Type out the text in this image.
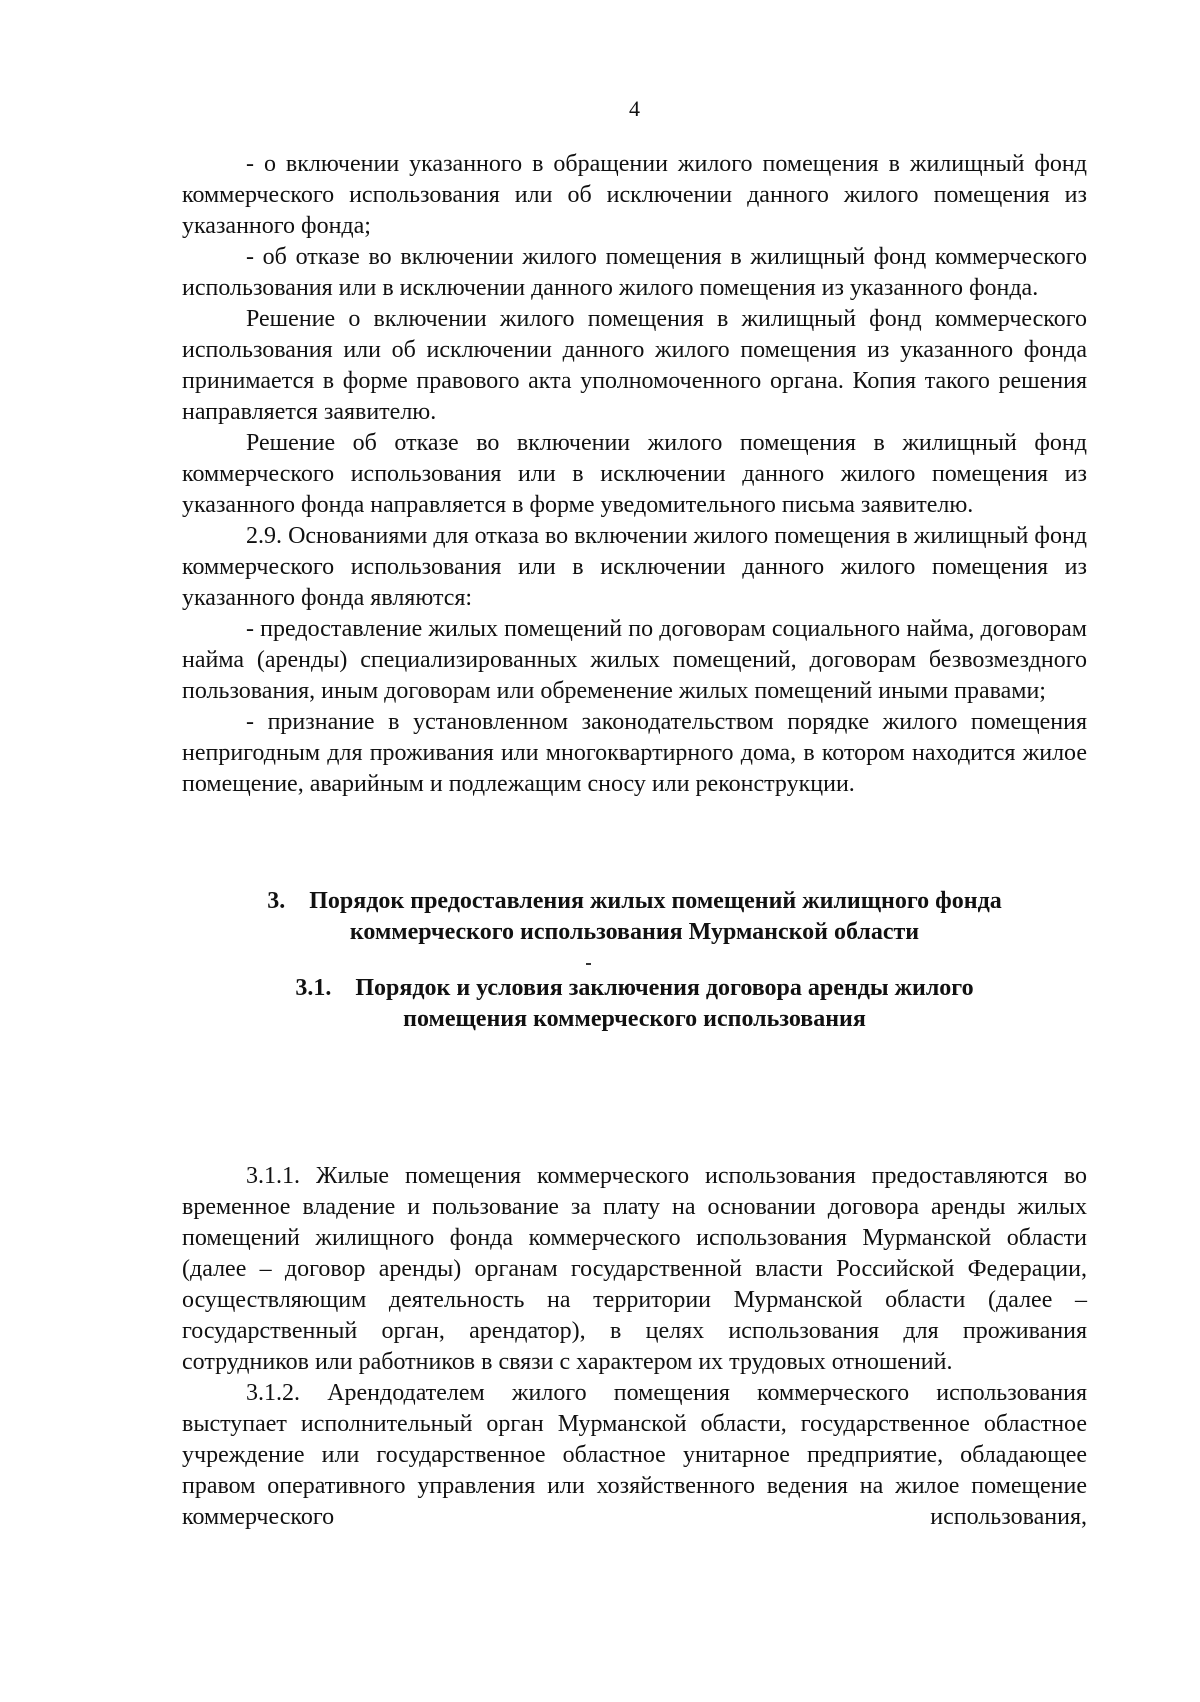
4

- о включении указанного в обращении жилого помещения в жилищный фонд коммерческого использования или об исключении данного жилого помещения из указанного фонда;

- об отказе во включении жилого помещения в жилищный фонд коммерческого использования или в исключении данного жилого помещения из указанного фонда.

Решение о включении жилого помещения в жилищный фонд коммерческого использования или об исключении данного жилого помещения из указанного фонда принимается в форме правового акта уполномоченного органа. Копия такого решения направляется заявителю.

Решение об отказе во включении жилого помещения в жилищный фонд коммерческого использования или в исключении данного жилого помещения из указанного фонда направляется в форме уведомительного письма заявителю.

2.9. Основаниями для отказа во включении жилого помещения в жилищный фонд коммерческого использования или в исключении данного жилого помещения из указанного фонда являются:

- предоставление жилых помещений по договорам социального найма, договорам найма (аренды) специализированных жилых помещений, договорам безвозмездного пользования, иным договорам или обременение жилых помещений иными правами;

- признание в установленном законодательством порядке жилого помещения непригодным для проживания или многоквартирного дома, в котором находится жилое помещение, аварийным и подлежащим сносу или реконструкции.

3. Порядок предоставления жилых помещений жилищного фонда

коммерческого использования Мурманской области

3.1. Порядок и условия заключения договора аренды жилого

помещения коммерческого использования

3.1.1. Жилые помещения коммерческого использования предоставляются во временное владение и пользование за плату на основании договора аренды жилых помещений жилищного фонда коммерческого использования Мурманской области (далее – договор аренды) органам государственной власти Российской Федерации, осуществляющим деятельность на территории Мурманской области (далее – государственный орган, арендатор), в целях использования для проживания сотрудников или работников в связи с характером их трудовых отношений.

3.1.2. Арендодателем жилого помещения коммерческого использования выступает исполнительный орган Мурманской области, государственное областное учреждение или государственное областное унитарное предприятие, обладающее правом оперативного управления или хозяйственного ведения на жилое помещение коммерческого использования,
